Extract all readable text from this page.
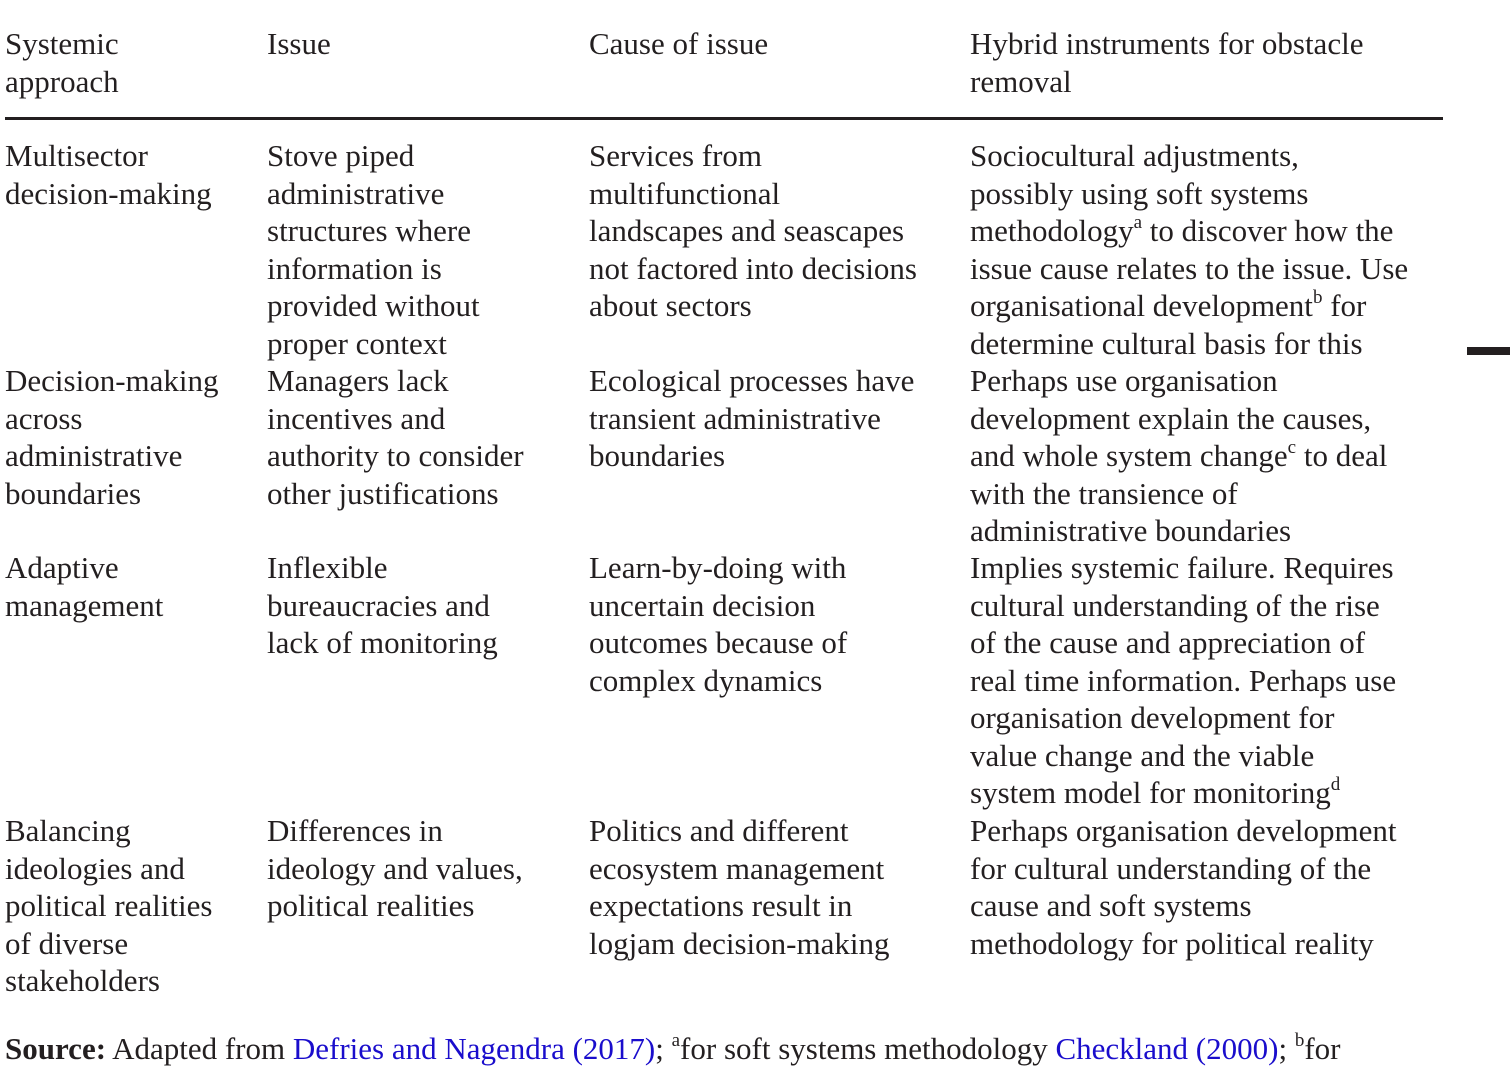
Systemic
approach
Issue	Cause of issue	Hybrid instruments for obstacle
removal
Multisector
decision-making
Stove piped
administrative
structures where
information is
provided without
proper context
Services from
multifunctional
landscapes and seascapes
not factored into decisions
about sectors
Sociocultural adjustments,
possibly using soft systems
methodology$^a$ to discover how the
issue cause relates to the issue. Use
organisational development$^b$ for
determine cultural basis for this
Decision-making
across
administrative
boundaries
Managers lack
incentives and
authority to consider
other justifications
Ecological processes have
transient administrative
boundaries
Perhaps use organisation
development explain the causes,
and whole system change$^c$ to deal
with the transience of
administrative boundaries
Adaptive
management
Inflexible
bureaucracies and
lack of monitoring
Learn-by-doing with
uncertain decision
outcomes because of
complex dynamics
Implies systemic failure. Requires
cultural understanding of the rise
of the cause and appreciation of
real time information. Perhaps use
organisation development for
value change and the viable
system model for monitoring$^d$
Balancing
ideologies and
political realities
of diverse
stakeholders
Differences in
ideology and values,
political realities
Politics and different
ecosystem management
expectations result in
logjam decision-making
Perhaps organisation development
for cultural understanding of the
cause and soft systems
methodology for political reality
Source: Adapted from Defries and Nagendra (2017); $^a$for soft systems methodology Checkland (2000); $^b$for
